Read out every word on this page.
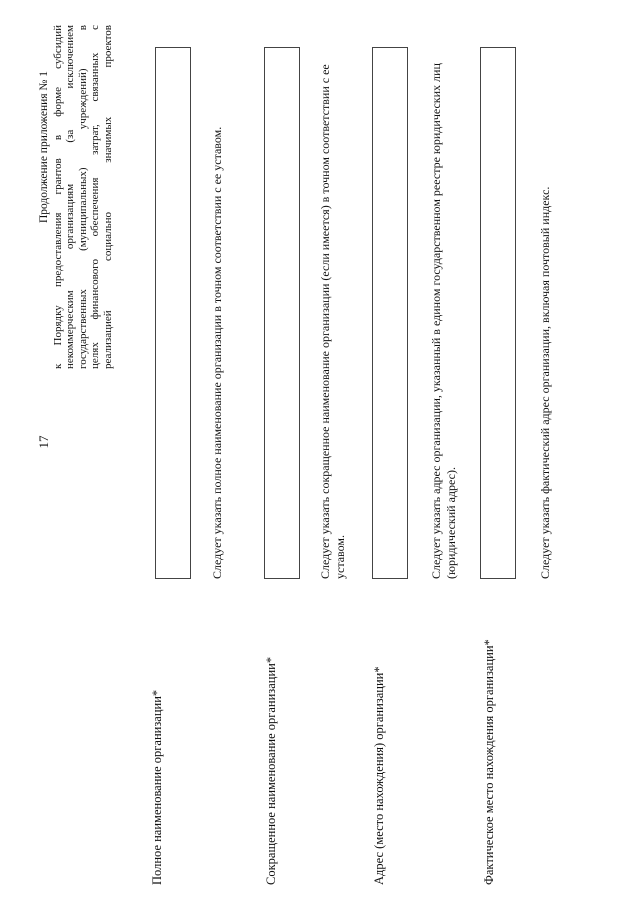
17
Продолжение приложения № 1 к Порядку предоставления грантов в форме субсидий некоммерческим организациям (за исключением государственных (муниципальных) учреждений) в целях финансового обеспечения затрат, связанных с реализацией социально значимых проектов
Полное наименование организации*
Следует указать полное наименование организации в точном соответствии с ее уставом.
Сокращенное наименование организации*
Следует указать сокращенное наименование организации (если имеется) в точном соответствии с ее уставом.
Адрес (место нахождения) организации*
Следует указать адрес организации, указанный в едином государственном реестре юридических лиц (юридический адрес).
Фактическое место нахождения организации*
Следует указать фактический адрес организации, включая почтовый индекс.
